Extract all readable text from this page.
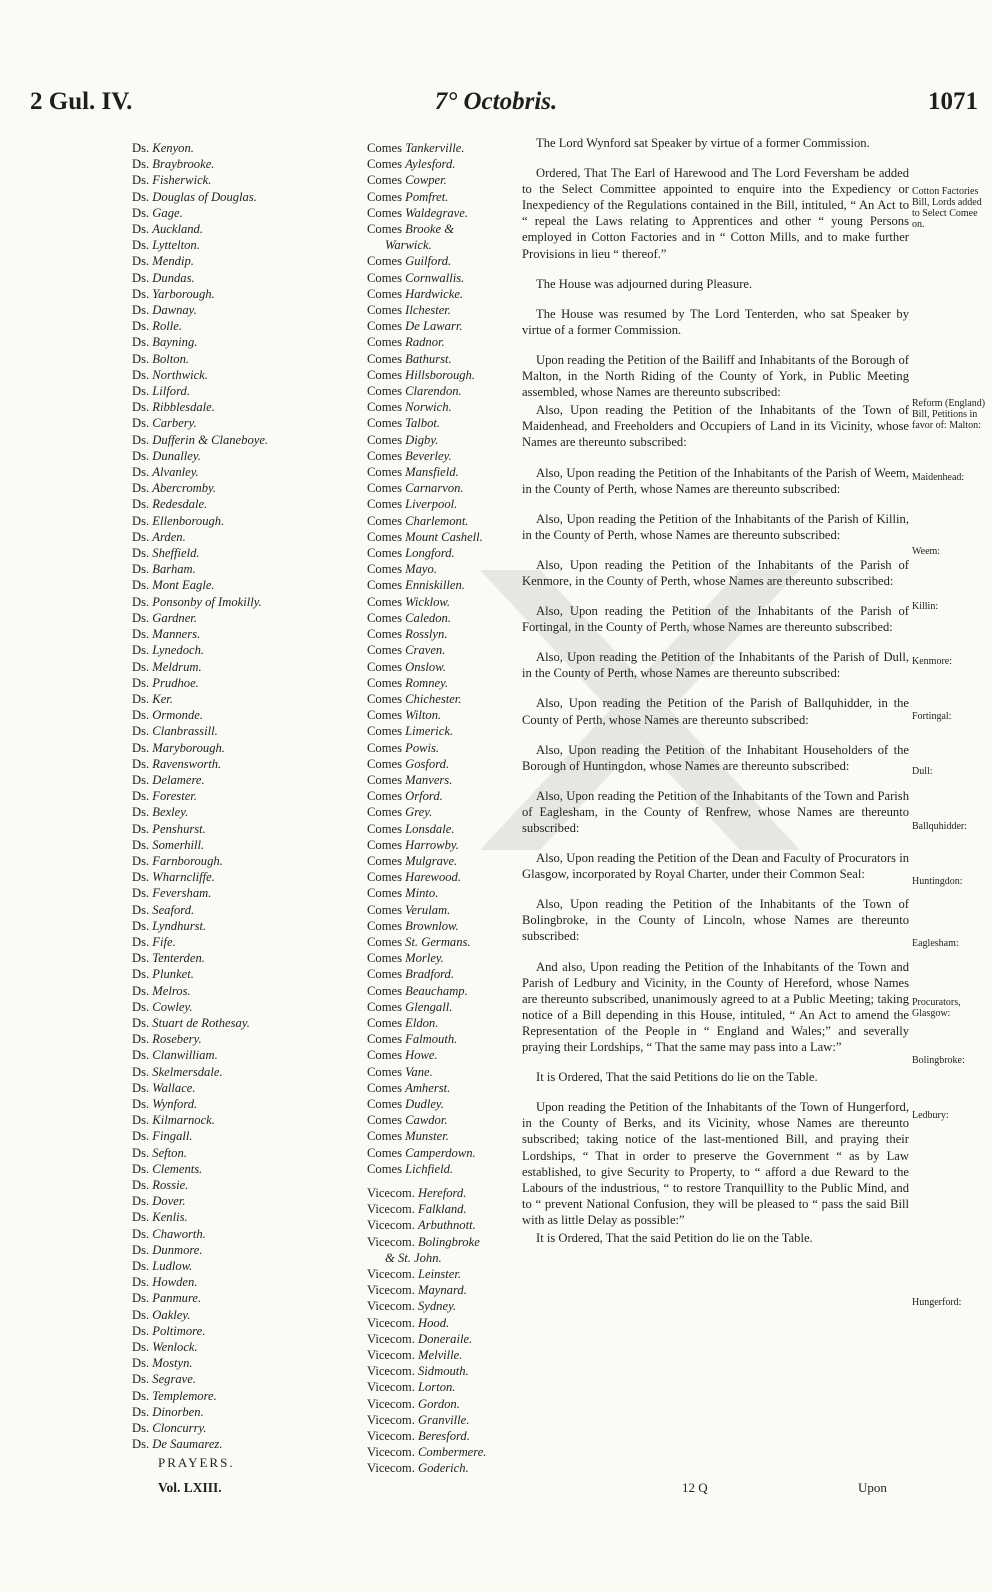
2 Gul. IV.	7° Octobris.	1071
Ds. Kenyon.
Ds. Braybrooke.
Ds. Fisherwick.
Ds. Douglas of Douglas.
Ds. Gage.
Ds. Auckland.
Ds. Lyttelton.
Ds. Mendip.
Ds. Dundas.
Ds. Yarborough.
Ds. Dawnay.
Ds. Rolle.
Ds. Bayning.
Ds. Bolton.
Ds. Northwick.
Ds. Lilford.
Ds. Ribblesdale.
Ds. Carbery.
Ds. Dufferin & Claneboye.
Ds. Dunalley.
Ds. Alvanley.
Ds. Abercromby.
Ds. Redesdale.
Ds. Ellenborough.
Ds. Arden.
Ds. Sheffield.
Ds. Barham.
Ds. Mont Eagle.
Ds. Ponsonby of Imokilly.
Ds. Gardner.
Ds. Manners.
Ds. Lynedoch.
Ds. Meldrum.
Ds. Prudhoe.
Ds. Ker.
Ds. Ormonde.
Ds. Clanbrassill.
Ds. Maryborough.
Ds. Ravensworth.
Ds. Delamere.
Ds. Forester.
Ds. Bexley.
Ds. Penshurst.
Ds. Somerhill.
Ds. Farnborough.
Ds. Wharncliffe.
Ds. Feversham.
Ds. Seaford.
Ds. Lyndhurst.
Ds. Fife.
Ds. Tenterden.
Ds. Plunket.
Ds. Melros.
Ds. Cowley.
Ds. Stuart de Rothesay.
Ds. Rosebery.
Ds. Clanwilliam.
Ds. Skelmersdale.
Ds. Wallace.
Ds. Wynford.
Ds. Kilmarnock.
Ds. Fingall.
Ds. Sefton.
Ds. Clements.
Ds. Rossie.
Ds. Dover.
Ds. Kenlis.
Ds. Chaworth.
Ds. Dunmore.
Ds. Ludlow.
Ds. Howden.
Ds. Panmure.
Ds. Oakley.
Ds. Poltimore.
Ds. Wenlock.
Ds. Mostyn.
Ds. Segrave.
Ds. Templemore.
Ds. Dinorben.
Ds. Cloncurry.
Ds. De Saumarez.
Comes Tankerville.
Comes Aylesford.
Comes Cowper.
Comes Pomfret.
Comes Waldegrave.
Comes Brooke &
Warwick.
Comes Guilford.
Comes Cornwallis.
Comes Hardwicke.
Comes Ilchester.
Comes De Lawarr.
Comes Radnor.
Comes Bathurst.
Comes Hillsborough.
Comes Clarendon.
Comes Norwich.
Comes Talbot.
Comes Digby.
Comes Beverley.
Comes Mansfield.
Comes Carnarvon.
Comes Liverpool.
Comes Charlemont.
Comes Mount Cashell.
Comes Longford.
Comes Mayo.
Comes Enniskillen.
Comes Wicklow.
Comes Caledon.
Comes Rosslyn.
Comes Craven.
Comes Onslow.
Comes Romney.
Comes Chichester.
Comes Wilton.
Comes Limerick.
Comes Powis.
Comes Gosford.
Comes Manvers.
Comes Orford.
Comes Grey.
Comes Lonsdale.
Comes Harrowby.
Comes Mulgrave.
Comes Harewood.
Comes Minto.
Comes Verulam.
Comes Brownlow.
Comes St. Germans.
Comes Morley.
Comes Bradford.
Comes Beauchamp.
Comes Glengall.
Comes Eldon.
Comes Falmouth.
Comes Howe.
Comes Vane.
Comes Amherst.
Comes Dudley.
Comes Cawdor.
Comes Munster.
Comes Camperdown.
Comes Lichfield.
Vicecom. Hereford.
Vicecom. Falkland.
Vicecom. Arbuthnott.
Vicecom. Bolingbroke
& St. John.
Vicecom. Leinster.
Vicecom. Maynard.
Vicecom. Sydney.
Vicecom. Hood.
Vicecom. Doneraile.
Vicecom. Melville.
Vicecom. Sidmouth.
Vicecom. Lorton.
Vicecom. Gordon.
Vicecom. Granville.
Vicecom. Beresford.
Vicecom. Combermere.
Vicecom. Goderich.

The Lord Wynford sat Speaker by virtue of a former Commission.

Ordered, That The Earl of Harewood and The Lord Feversham be added to the Select Committee appointed to enquire into the Expediency or Inexpediency of the Regulations contained in the Bill, intituled, “ An Act to “ repeal the Laws relating to Apprentices and other “ young Persons employed in Cotton Factories and in “ Cotton Mills, and to make further Provisions in lieu “ thereof.”

The House was adjourned during Pleasure.

The House was resumed by The Lord Tenterden, who sat Speaker by virtue of a former Commission.

Upon reading the Petition of the Bailiff and Inhabitants of the Borough of Malton, in the North Riding of the County of York, in Public Meeting assembled, whose Names are thereunto subscribed:

Also, Upon reading the Petition of the Inhabitants of the Town of Maidenhead, and Freeholders and Occupiers of Land in its Vicinity, whose Names are thereunto subscribed:

Also, Upon reading the Petition of the Inhabitants of the Parish of Weem, in the County of Perth, whose Names are thereunto subscribed:

Also, Upon reading the Petition of the Inhabitants of the Parish of Killin, in the County of Perth, whose Names are thereunto subscribed:

Also, Upon reading the Petition of the Inhabitants of the Parish of Kenmore, in the County of Perth, whose Names are thereunto subscribed:

Also, Upon reading the Petition of the Inhabitants of the Parish of Fortingal, in the County of Perth, whose Names are thereunto subscribed:

Also, Upon reading the Petition of the Inhabitants of the Parish of Dull, in the County of Perth, whose Names are thereunto subscribed:

Also, Upon reading the Petition of the Parish of Ballquhidder, in the County of Perth, whose Names are thereunto subscribed:

Also, Upon reading the Petition of the Inhabitant Householders of the Borough of Huntingdon, whose Names are thereunto subscribed:

Also, Upon reading the Petition of the Inhabitants of the Town and Parish of Eaglesham, in the County of Renfrew, whose Names are thereunto subscribed:

Also, Upon reading the Petition of the Dean and Faculty of Procurators in Glasgow, incorporated by Royal Charter, under their Common Seal:

Also, Upon reading the Petition of the Inhabitants of the Town of Bolingbroke, in the County of Lincoln, whose Names are thereunto subscribed:

And also, Upon reading the Petition of the Inhabitants of the Town and Parish of Ledbury and Vicinity, in the County of Hereford, whose Names are thereunto subscribed, unanimously agreed to at a Public Meeting; taking notice of a Bill depending in this House, intituled, “ An Act to amend the Representation of the People in “ England and Wales;” and severally praying their Lordships, “ That the same may pass into a Law:”

It is Ordered, That the said Petitions do lie on the Table.

Upon reading the Petition of the Inhabitants of the Town of Hungerford, in the County of Berks, and its Vicinity, whose Names are thereunto subscribed; taking notice of the last-mentioned Bill, and praying their Lordships, “ That in order to preserve the Government “ as by Law established, to give Security to Property, to “ afford a due Reward to the Labours of the industrious, “ to restore Tranquillity to the Public Mind, and to “ prevent National Confusion, they will be pleased to “ pass the said Bill with as little Delay as possible:”

It is Ordered, That the said Petition do lie on the Table.

Cotton Factories Bill, Lords added to Select Comee on.
Reform (England) Bill, Petitions in favor of: Malton:
Maidenhead:
Weem:
Killin:
Kenmore:
Fortingal:
Dull:
Ballquhidder:
Huntingdon:
Eaglesham:
Procurators, Glasgow:
Bolingbroke:
Ledbury:
Hungerford:
PRAYERS.
Vol. LXIII.	12 Q	Upon
